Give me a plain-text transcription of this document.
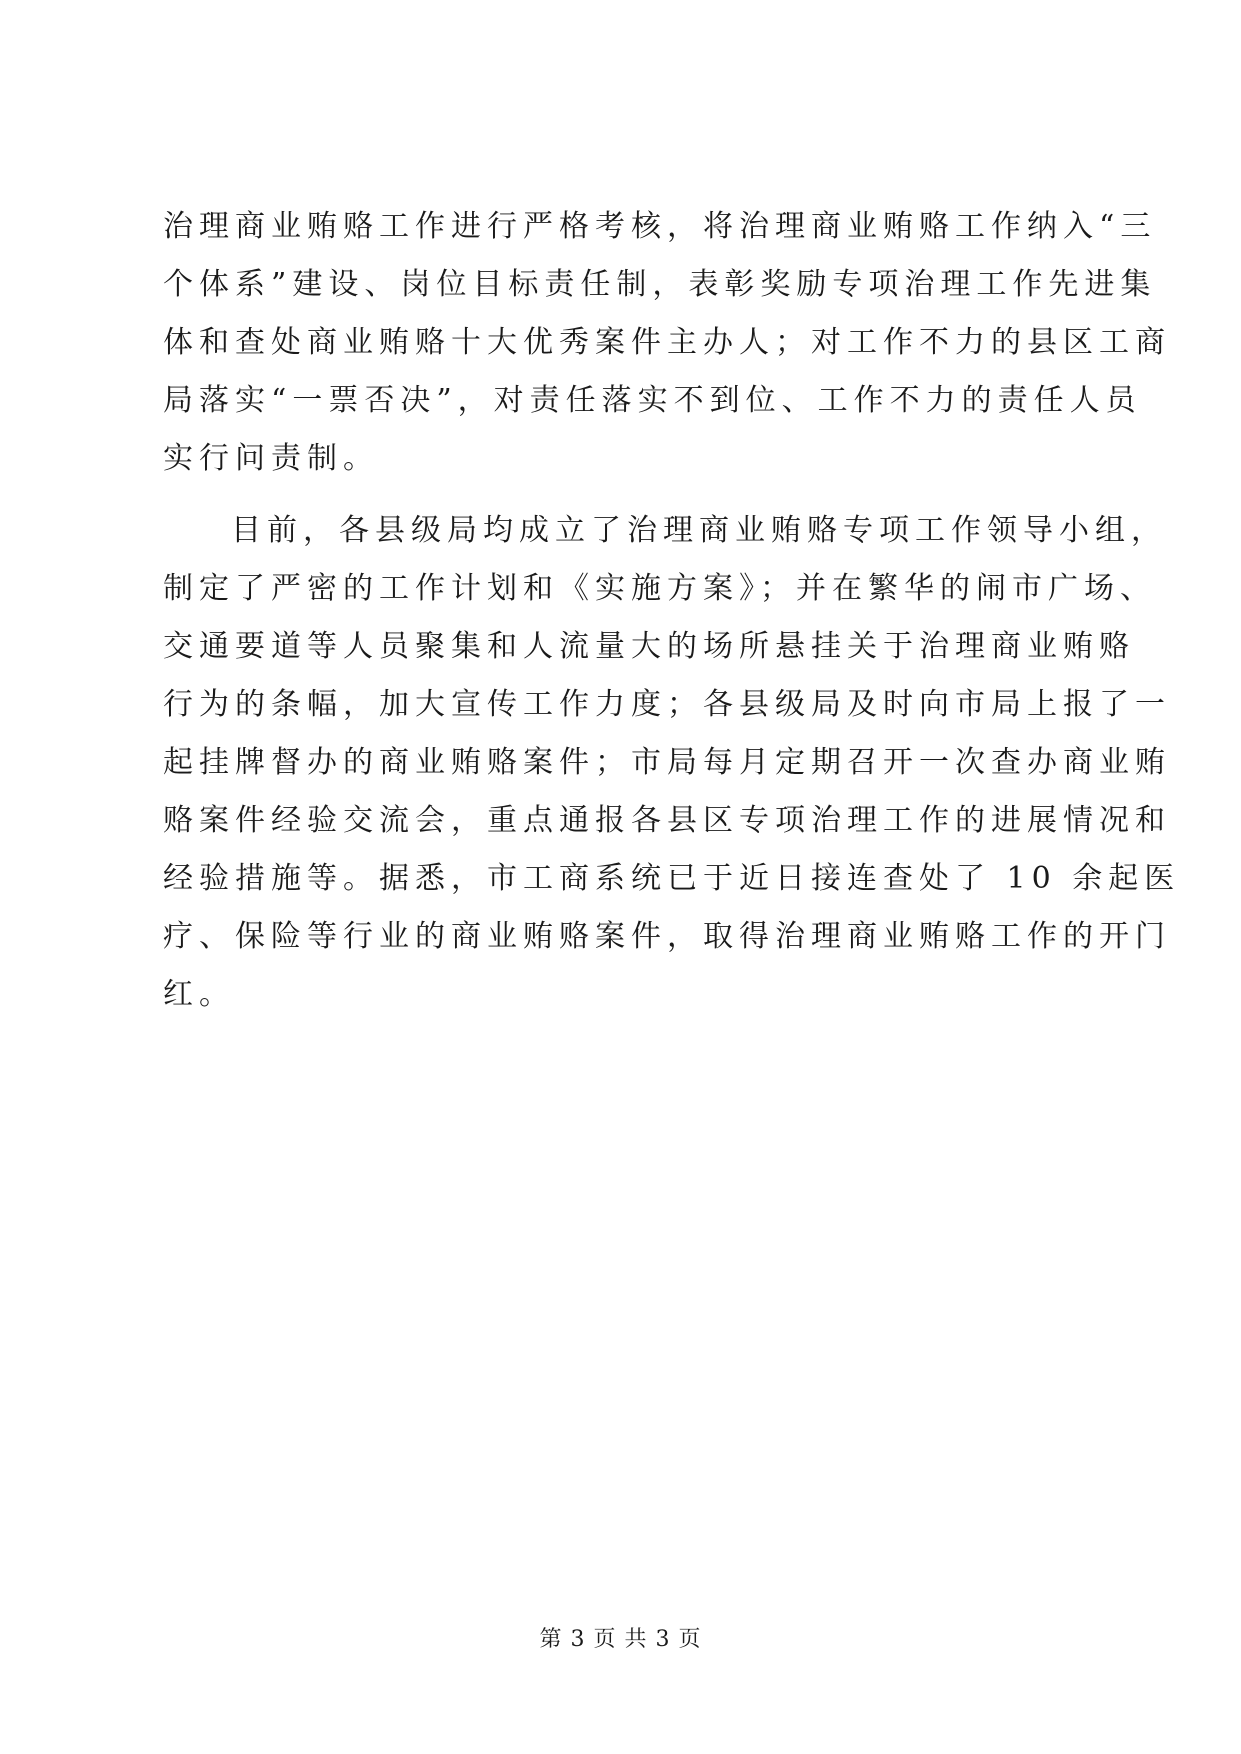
治理商业贿赂工作进行严格考核，将治理商业贿赂工作纳入“三
个体系”建设、岗位目标责任制，表彰奖励专项治理工作先进集
体和查处商业贿赂十大优秀案件主办人；对工作不力的县区工商
局落实“一票否决”，对责任落实不到位、工作不力的责任人员
实行问责制。
目前，各县级局均成立了治理商业贿赂专项工作领导小组，
制定了严密的工作计划和《实施方案》；并在繁华的闹市广场、
交通要道等人员聚集和人流量大的场所悬挂关于治理商业贿赂
行为的条幅，加大宣传工作力度；各县级局及时向市局上报了一
起挂牌督办的商业贿赂案件；市局每月定期召开一次查办商业贿
赂案件经验交流会，重点通报各县区专项治理工作的进展情况和
经验措施等。据悉，市工商系统已于近日接连查处了 10 余起医
疗、保险等行业的商业贿赂案件，取得治理商业贿赂工作的开门
红。
第 3 页 共 3 页
